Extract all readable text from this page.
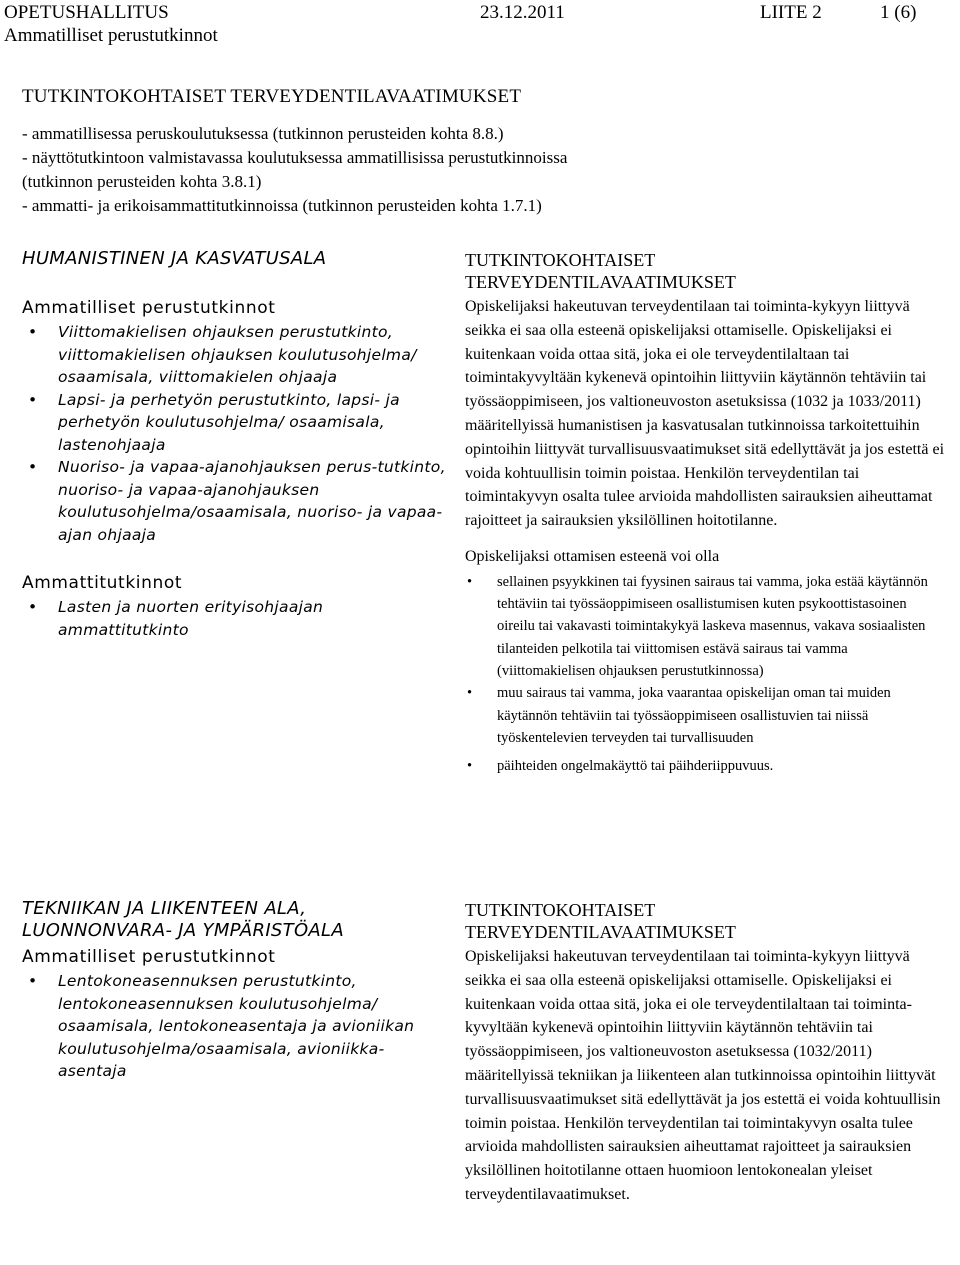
OPETUSHALLITUS	23.12.2011	LIITE 2	1 (6)
Ammatilliset perustutkinnot
TUTKINTOKOHTAISET TERVEYDENTILAVAATIMUKSET

- ammatillisessa peruskoulutuksessa (tutkinnon perusteiden kohta 8.8.)

- näyttötutkintoon valmistavassa koulutuksessa ammatillisissa perustutkinnoissa

(tutkinnon perusteiden kohta 3.8.1)

- ammatti- ja erikoisammattitutkinnoissa (tutkinnon perusteiden kohta 1.7.1)

HUMANISTINEN JA KASVATUSALA
Ammatilliset perustutkinnot
• Viittomakielisen ohjauksen perustutkinto, viittomakielisen ohjauksen koulutusohjelma/ osaamisala, viittomakielen ohjaaja
• Lapsi- ja perhetyön perustutkinto, lapsi- ja perhetyön koulutusohjelma/ osaamisala, lastenohjaaja
• Nuoriso- ja vapaa-ajanohjauksen perus-tutkinto, nuoriso- ja vapaa-ajanohjauksen koulutusohjelma/osaamisala, nuoriso- ja vapaa-ajan ohjaaja
Ammattitutkinnot
• Lasten ja nuorten erityisohjaajan ammattitutkinto
TEKNIIKAN JA LIIKENTEEN ALA,
LUONNONVARA- JA YMPÄRISTÖALA
Ammatilliset perustutkinnot
• Lentokoneasennuksen perustutkinto, lentokoneasennuksen koulutusohjelma/ osaamisala, lentokoneasentaja ja avioniikan koulutusohjelma/osaamisala, avioniikka- asentaja
TUTKINTOKOHTAISET
TERVEYDENTILAVAATIMUKSET

Opiskelijaksi hakeutuvan terveydentilaan tai toiminta-kykyyn liittyvä seikka ei saa olla esteenä opiskelijaksi ottamiselle. Opiskelijaksi ei kuitenkaan voida ottaa sitä, joka ei ole terveydentilaltaan tai toimintakyvyltään kykenevä opintoihin liittyviin käytännön tehtäviin tai työssäoppimiseen, jos valtioneuvoston asetuksissa (1032 ja 1033/2011) määritellyissä humanistisen ja kasvatusalan tutkinnoissa tarkoitettuihin opintoihin liittyvät turvallisuusvaatimukset sitä edellyttävät ja jos estettä ei voida kohtuullisin toimin poistaa. Henkilön terveydentilan tai toimintakyvyn osalta tulee arvioida mahdollisten sairauksien aiheuttamat rajoitteet ja sairauksien yksilöllinen hoitotilanne.

Opiskelijaksi ottamisen esteenä voi olla

• sellainen psyykkinen tai fyysinen sairaus tai vamma, joka estää käytännön tehtäviin tai työssäoppimiseen osallistumisen kuten psykoottistasoinen oireilu tai vakavasti toimintakykyä laskeva masennus, vakava sosiaalisten tilanteiden pelkotila tai viittomisen estävä sairaus tai vamma (viittomakielisen ohjauksen perustutkinnossa)
• muu sairaus tai vamma, joka vaarantaa opiskelijan oman tai muiden käytännön tehtäviin tai työssäoppimiseen osallistuvien tai niissä työskentelevien terveyden tai turvallisuuden
• päihteiden ongelmakäyttö tai päihderiippuvuus.
TUTKINTOKOHTAISET
TERVEYDENTILAVAATIMUKSET

Opiskelijaksi hakeutuvan terveydentilaan tai toiminta-kykyyn liittyvä seikka ei saa olla esteenä opiskelijaksi ottamiselle. Opiskelijaksi ei kuitenkaan voida ottaa sitä, joka ei ole terveydentilaltaan tai toiminta-kyvyltään kykenevä opintoihin liittyviin käytännön tehtäviin tai työssäoppimiseen, jos valtioneuvoston asetuksessa (1032/2011) määritellyissä tekniikan ja liikenteen alan tutkinnoissa opintoihin liittyvät turvallisuusvaatimukset sitä edellyttävät ja jos estettä ei voida kohtuullisin toimin poistaa. Henkilön terveydentilan tai toimintakyvyn osalta tulee arvioida mahdollisten sairauksien aiheuttamat rajoitteet ja sairauksien yksilöllinen hoitotilanne ottaen huomioon lentokonealan yleiset terveydentilavaatimukset.
